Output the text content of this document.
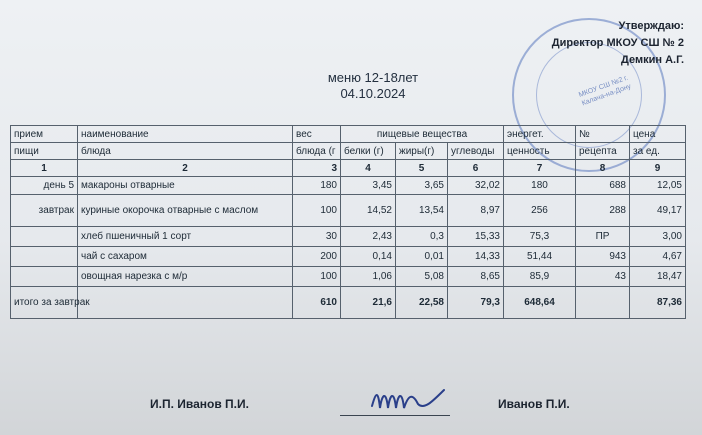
МКОУ СШ №2 г. Калача-на-Дону
Утверждаю:
Директор МКОУ СШ № 2
Демкин А.Г.
меню 12-18лет
04.10.2024
прием	наименование	вес	пищевые вещества			энергет.	№	цена
пищи	блюда	блюда (г	белки (г)	жиры(г)	углеводы	ценность	рецепта	за ед.
1	2	3	4	5	6	7	8	9
день 5	макароны отварные	180	3,45	3,65	32,02	180	688	12,05
завтрак	куриные окорочка отварные с маслом	100	14,52	13,54	8,97	256	288	49,17
	хлеб пшеничный 1 сорт	30	2,43	0,3	15,33	75,3	ПР	3,00
	чай с сахаром	200	0,14	0,01	14,33	51,44	943	4,67
	овощная нарезка с м/р	100	1,06	5,08	8,65	85,9	43	18,47
итого за завтрак		610	21,6	22,58	79,3	648,64		87,36
И.П. Иванов П.И.	Иванов П.И.
